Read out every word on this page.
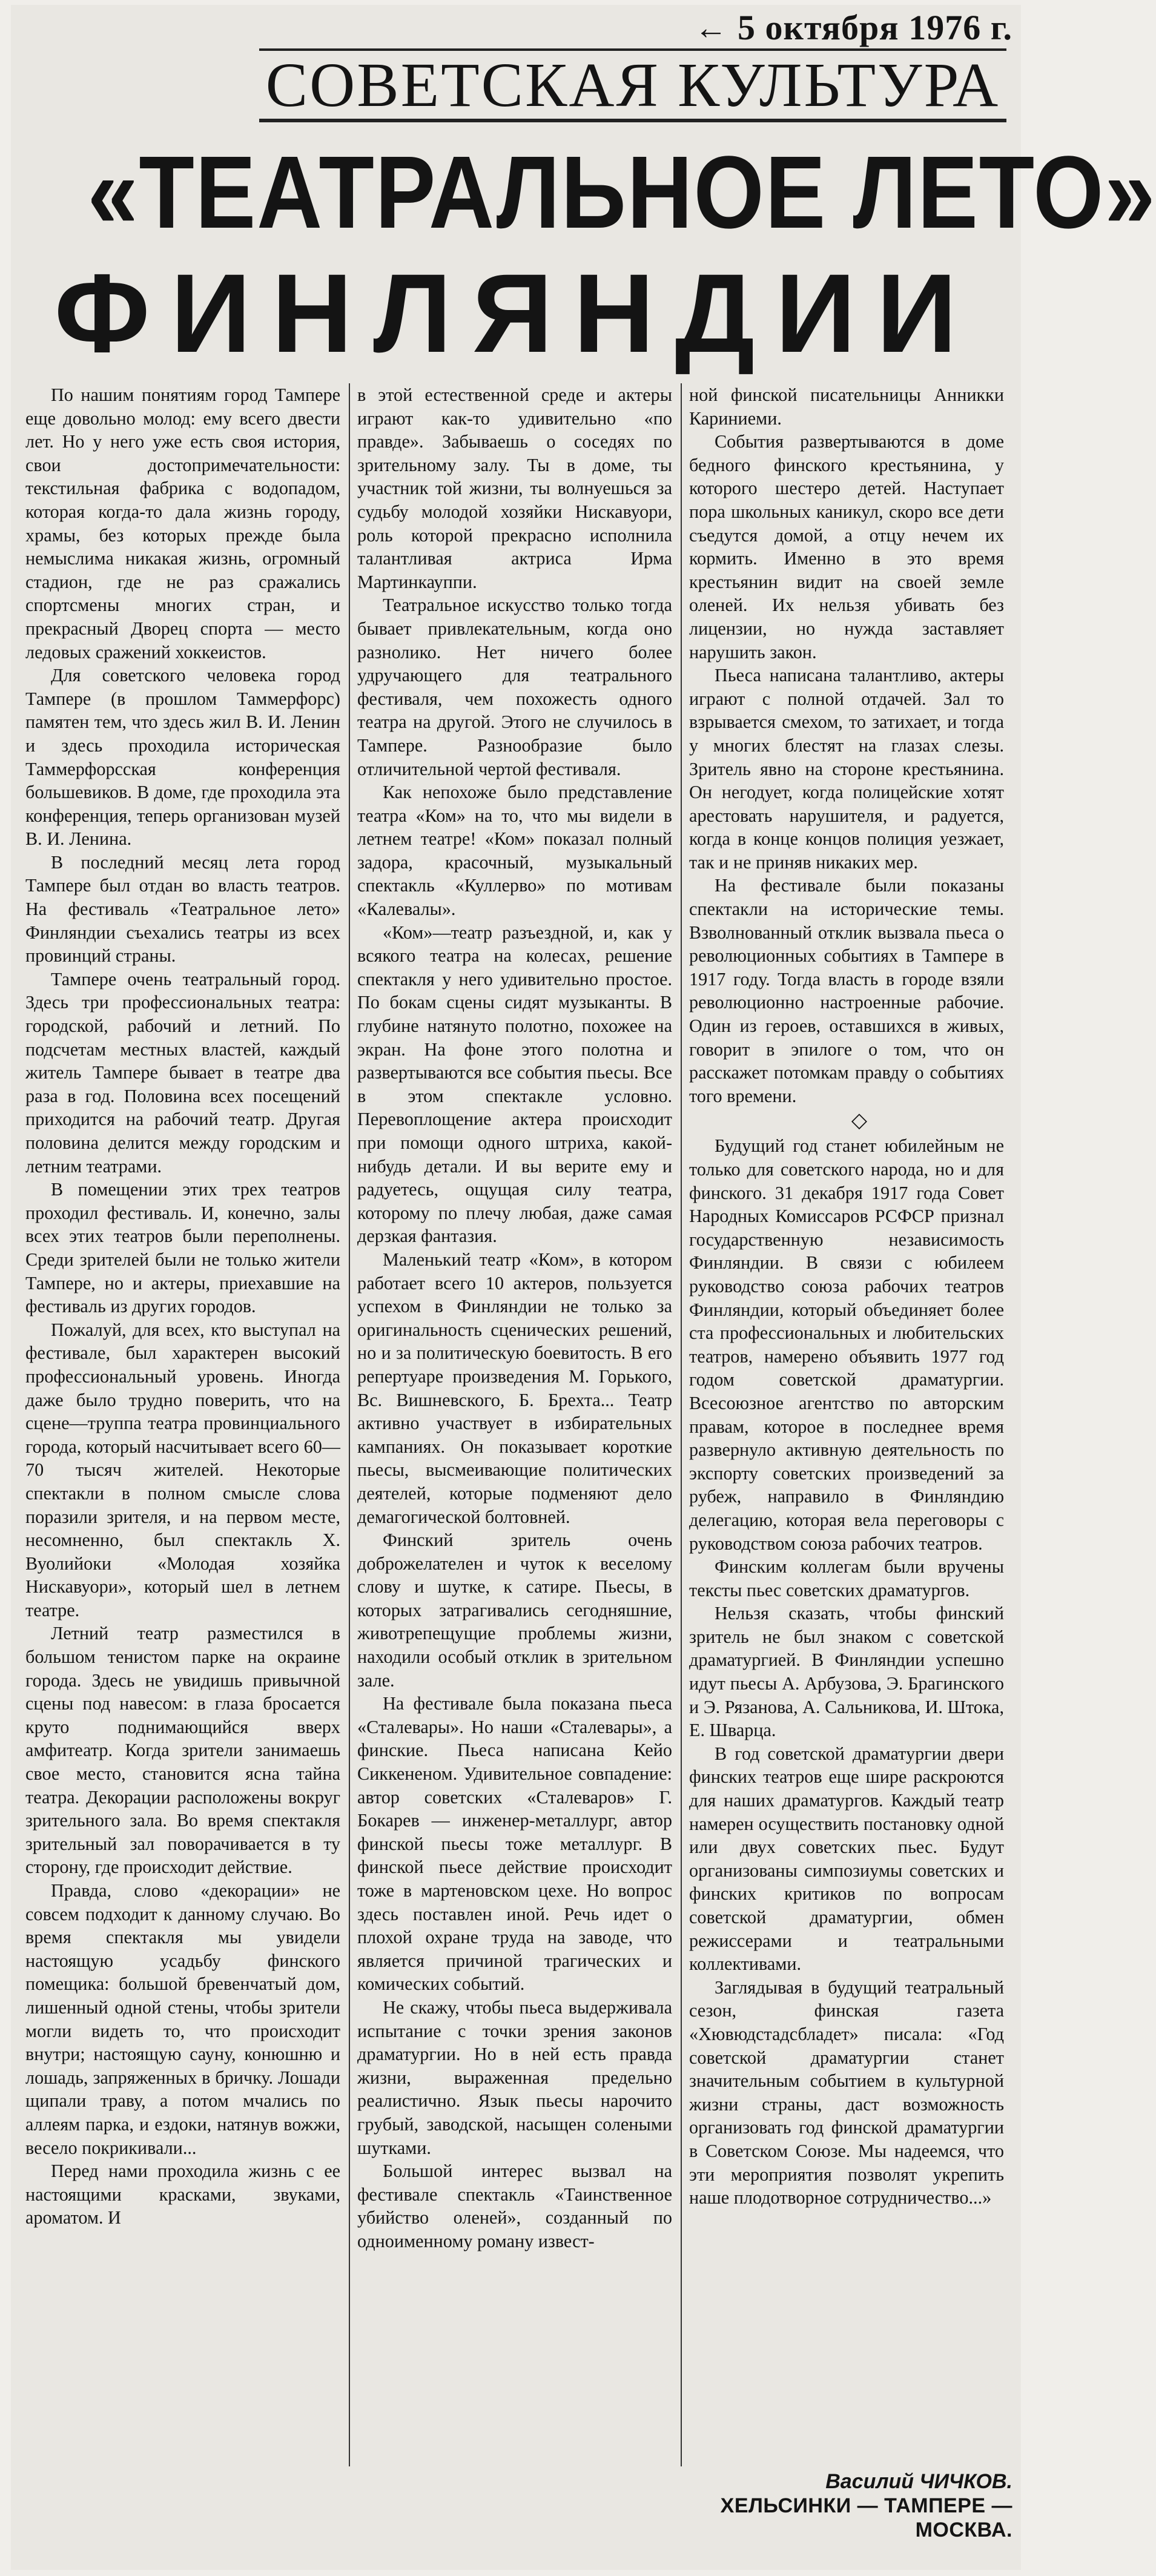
← 5 октября 1976 г.
СОВЕТСКАЯ КУЛЬТУРА
«ТЕАТРАЛЬНОЕ ЛЕТО»
ФИНЛЯНДИИ

По нашим понятиям город Тампере еще довольно молод: ему всего двести лет. Но у него уже есть своя история, свои достопримечательности: текстильная фабрика с водопадом, которая когда-то дала жизнь городу, храмы, без которых прежде была немыслима никакая жизнь, огромный стадион, где не раз сражались спортсмены многих стран, и прекрасный Дворец спорта — место ледовых сражений хоккеистов.

Для советского человека город Тампере (в прошлом Таммерфорс) памятен тем, что здесь жил В. И. Ленин и здесь проходила историческая Таммерфорсская конференция большевиков. В доме, где проходила эта конференция, теперь организован музей В. И. Ленина.

В последний месяц лета город Тампере был отдан во власть театров. На фестиваль «Театральное лето» Финляндии съехались театры из всех провинций страны.

Тампере очень театральный город. Здесь три профессиональных театра: городской, рабочий и летний. По подсчетам местных властей, каждый житель Тампере бывает в театре два раза в год. Половина всех посещений приходится на рабочий театр. Другая половина делится между городским и летним театрами.

В помещении этих трех театров проходил фестиваль. И, конечно, залы всех этих театров были переполнены. Среди зрителей были не только жители Тампере, но и актеры, приехавшие на фестиваль из других городов.

Пожалуй, для всех, кто выступал на фестивале, был характерен высокий профессиональный уровень. Иногда даже было трудно поверить, что на сцене—труппа театра провинциального города, который насчитывает всего 60—70 тысяч жителей. Некоторые спектакли в полном смысле слова поразили зрителя, и на первом месте, несомненно, был спектакль X. Вуолийоки «Молодая хозяйка Нискавуори», который шел в летнем театре.

Летний театр разместился в большом тенистом парке на окраине города. Здесь не увидишь привычной сцены под навесом: в глаза бросается круто поднимающийся вверх амфитеатр. Когда зрители занимаешь свое место, становится ясна тайна театра. Декорации расположены вокруг зрительного зала. Во время спектакля зрительный зал поворачивается в ту сторону, где происходит действие.

Правда, слово «декорации» не совсем подходит к данному случаю. Во время спектакля мы увидели настоящую усадьбу финского помещика: большой бревенчатый дом, лишенный одной стены, чтобы зрители могли видеть то, что происходит внутри; настоящую сауну, конюшню и лошадь, запряженных в бричку. Лошади щипали траву, а потом мчались по аллеям парка, и ездоки, натянув вожжи, весело покрикивали...

Перед нами проходила жизнь с ее настоящими красками, звуками, ароматом. И

в этой естественной среде и актеры играют как-то удивительно «по правде». Забываешь о соседях по зрительному залу. Ты в доме, ты участник той жизни, ты волнуешься за судьбу молодой хозяйки Нискавуори, роль которой прекрасно исполнила талантливая актриса Ирма Мартинкауппи.

Театральное искусство только тогда бывает привлекательным, когда оно разнолико. Нет ничего более удручающего для театрального фестиваля, чем похожесть одного театра на другой. Этого не случилось в Тампере. Разнообразие было отличительной чертой фестиваля.

Как непохоже было представление театра «Ком» на то, что мы видели в летнем театре! «Ком» показал полный задора, красочный, музыкальный спектакль «Куллерво» по мотивам «Калевалы».

«Ком»—театр разъездной, и, как у всякого театра на колесах, решение спектакля у него удивительно простое. По бокам сцены сидят музыканты. В глубине натянуто полотно, похожее на экран. На фоне этого полотна и развертываются все события пьесы. Все в этом спектакле условно. Перевоплощение актера происходит при помощи одного штриха, какой-нибудь детали. И вы верите ему и радуетесь, ощущая силу театра, которому по плечу любая, даже самая дерзкая фантазия.

Маленький театр «Ком», в котором работает всего 10 актеров, пользуется успехом в Финляндии не только за оригинальность сценических решений, но и за политическую боевитость. В его репертуаре произведения М. Горького, Вс. Вишневского, Б. Брехта... Театр активно участвует в избирательных кампаниях. Он показывает короткие пьесы, высмеивающие политических деятелей, которые подменяют дело демагогической болтовней.

Финский зритель очень доброжелателен и чуток к веселому слову и шутке, к сатире. Пьесы, в которых затрагивались сегодняшние, животрепещущие проблемы жизни, находили особый отклик в зрительном зале.

На фестивале была показана пьеса «Сталевары». Но наши «Сталевары», а финские. Пьеса написана Кейо Сиккененом. Удивительное совпадение: автор советских «Сталеваров» Г. Бокарев — инженер-металлург, автор финской пьесы тоже металлург. В финской пьесе действие происходит тоже в мартеновском цехе. Но вопрос здесь поставлен иной. Речь идет о плохой охране труда на заводе, что является причиной трагических и комических событий.

Не скажу, чтобы пьеса выдерживала испытание с точки зрения законов драматургии. Но в ней есть правда жизни, выраженная предельно реалистично. Язык пьесы нарочито грубый, заводской, насыщен солеными шутками.

Большой интерес вызвал на фестивале спектакль «Таинственное убийство оленей», созданный по одноименному роману извест-

ной финской писательницы Анникки Кариниеми.

События развертываются в доме бедного финского крестьянина, у которого шестеро детей. Наступает пора школьных каникул, скоро все дети съедутся домой, а отцу нечем их кормить. Именно в это время крестьянин видит на своей земле оленей. Их нельзя убивать без лицензии, но нужда заставляет нарушить закон.

Пьеса написана талантливо, актеры играют с полной отдачей. Зал то взрывается смехом, то затихает, и тогда у многих блестят на глазах слезы. Зритель явно на стороне крестьянина. Он негодует, когда полицейские хотят арестовать нарушителя, и радуется, когда в конце концов полиция уезжает, так и не приняв никаких мер.

На фестивале были показаны спектакли на исторические темы. Взволнованный отклик вызвала пьеса о революционных событиях в Тампере в 1917 году. Тогда власть в городе взяли революционно настроенные рабочие. Один из героев, оставшихся в живых, говорит в эпилоге о том, что он расскажет потомкам правду о событиях того времени.

◇

Будущий год станет юбилейным не только для советского народа, но и для финского. 31 декабря 1917 года Совет Народных Комиссаров РСФСР признал государственную независимость Финляндии. В связи с юбилеем руководство союза рабочих театров Финляндии, который объединяет более ста профессиональных и любительских театров, намерено объявить 1977 год годом советской драматургии. Всесоюзное агентство по авторским правам, которое в последнее время развернуло активную деятельность по экспорту советских произведений за рубеж, направило в Финляндию делегацию, которая вела переговоры с руководством союза рабочих театров.

Финским коллегам были вручены тексты пьес советских драматургов.

Нельзя сказать, чтобы финский зритель не был знаком с советской драматургией. В Финляндии успешно идут пьесы А. Арбузова, Э. Брагинского и Э. Рязанова, А. Сальникова, И. Штока, Е. Шварца.

В год советской драматургии двери финских театров еще шире раскроются для наших драматургов. Каждый театр намерен осуществить постановку одной или двух советских пьес. Будут организованы симпозиумы советских и финских критиков по вопросам советской драматургии, обмен режиссерами и театральными коллективами.

Заглядывая в будущий театральный сезон, финская газета «Хювюдстадсбладет» писала: «Год советской драматургии станет значительным событием в культурной жизни страны, даст возможность организовать год финской драматургии в Советском Союзе. Мы надеемся, что эти мероприятия позволят укрепить наше плодотворное сотрудничество...»

Василий ЧИЧКОВ.
ХЕЛЬСИНКИ — ТАМПЕРЕ —
МОСКВА.
